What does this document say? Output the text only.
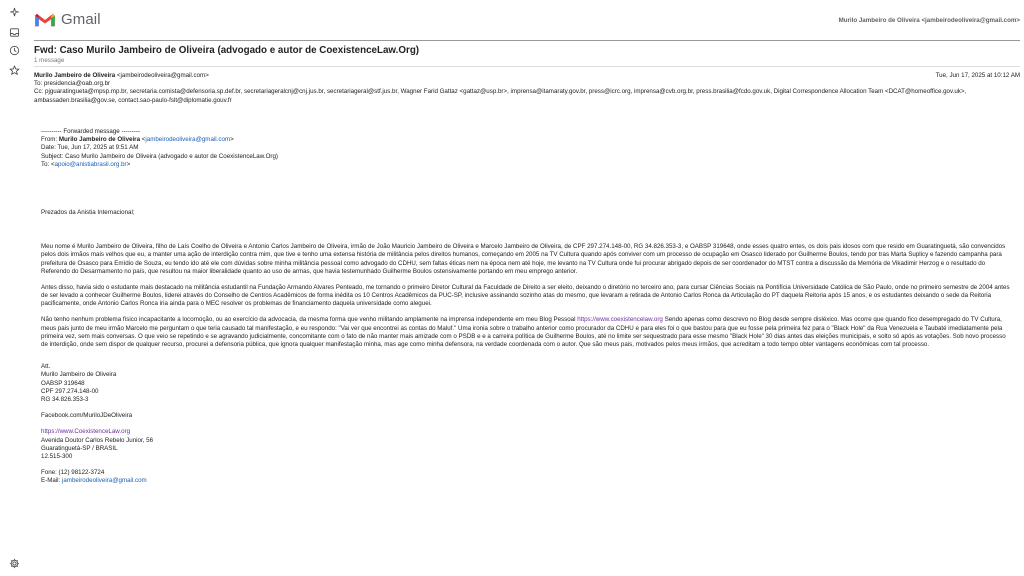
Gmail	Murilo Jambeiro de Oliveira <jambeirodeoliveira@gmail.com>
Fwd: Caso Murilo Jambeiro de Oliveira (advogado e autor de CoexistenceLaw.Org)
1 message
Murilo Jambeiro de Oliveira <jambeirodeoliveira@gmail.com>	Tue, Jun 17, 2025 at 10:12 AM
To: presidencia@oab.org.br
Cc: pjguaratingueta@mpsp.mp.br, secretaria.comista@defensoria.sp.def.br, secretariageralcnj@cnj.jus.br, secretariageral@stf.jus.br, Wagner Farid Gattaz <gattaz@usp.br>, imprensa@itamaraty.gov.br, press@icrc.org, imprensa@cvb.org.br, press.brasilia@fcdo.gov.uk, Digital Correspondence Allocation Team <DCAT@homeoffice.gov.uk>, ambassaden.brasilia@gov.se, contact.sao-paulo-fslt@diplomatie.gouv.fr
---------- Forwarded message ---------
From: Murilo Jambeiro de Oliveira <jambeirodeoliveira@gmail.com>
Date: Tue, Jun 17, 2025 at 9:51 AM
Subject: Caso Murilo Jambeiro de Oliveira (advogado e autor de CoexistenceLaw.Org)
To: <apoio@anistiabrasil.org.br>

Prezados da Anistia Internacional;

Meu nome é Murilo Jambeiro de Oliveira, filho de Laís Coelho de Oliveira e Antonio Carlos Jambeiro de Oliveira, irmão de João Mauricio Jambeiro de Oliveira e Marcelo Jambeiro de Oliveira, de CPF 297.274.148-00, RG 34.826.353-3, e OABSP 319648, onde esses quatro entes, os dois pais idosos com que resido em Guaratinguetá, são convencidos pelos dois irmãos mais velhos que eu, a manter uma ação de interdição contra mim, que tive e tenho uma extensa história de militância pelos direitos humanos, começando em 2005 na TV Cultura quando após conviver com um processo de ocupação em Osasco liderado por Guilherme Boulos, tendo por tras Marta Suplicy e fazendo campanha para prefeitura de Osasco para Emídio de Souza, eu tendo ido até ele com dúvidas sobre minha militância pessoal como advogado do CDHU, sem faltas éticas nem na época nem até hoje, me levanto na TV Cultura onde fui procurar abrigado depois de ser coordenador do MTST contra a discussão da Memória de Vikadimir Herzog e o resultado do Referendo do Desarmamento no país, que resultou na maior liberalidade quanto ao uso de armas, que havia testemunhado Guilherme Boulos ostensivamente portando em meu emprego anterior.

Antes disso, havia sido o estudante mais destacado na militância estudantil na Fundação Armando Alvares Penteado, me tornando o primeiro Diretor Cultural da Faculdade de Direito a ser eleito, deixando o diretório no terceiro ano, para cursar Ciências Sociais na Pontifícia Universidade Católica de São Paulo, onde no primeiro semestre de 2004 antes de ser levado a conhecer Guilherme Boulos, liderei através do Conselho de Centros Acadêmicos de forma inédita os 10 Centros Acadêmicos da PUC-SP, inclusive assinando sozinho atas do mesmo, que levaram a retirada de Antonio Carlos Ronca da Articulação do PT daquela Reitoria após 15 anos, e os estudantes deixando o sede da Reitoria pacificamente, onde Antonio Carlos Ronca iria ainda para o MEC resolver os problemas de financiamento daquela universidade como aleguei.

Não tenho nenhum problema físico incapacitante a locomoção, ou ao exercício da advocacia, da mesma forma que venho militando amplamente na imprensa independente em meu Blog Pessoal https://www.coexistencelaw.org Sendo apenas como descrevo no Blog desde sempre disléxico. Mas ocorre que quando fico desempregado do TV Cultura, meus pais junto de meu irmão Marcelo me perguntam o que teria causado tal manifestação, e eu respondo: "Vai ver que encontrei as contas do Maluf." Uma ironia sobre o trabalho anterior como procurador da CDHU e para eles foi o que bastou para que eu fosse pela primeira fez para o "Black Hole" da Rua Venezuela e Taubaté imediatamente pela primeira vez, sem mais conversas. O que veio se repetindo e se agravando judicialmente, concomitante com o fato de não manter mais amizade com o PSDB e e a carreira política de Guilherme Boulos, até no limite ser sequestrado para esse mesmo "Black Hole" 30 dias antes das eleições municipais, e solto só após as votações. Sob novo processo de interdição, onde sem dispor de qualquer recurso, procurei a defensoria pública, que ignora qualquer manifestação minha, mas age como minha defensora, na verdade coordenada com o autor. Que são meus pais, motivados pelos meus irmãos, que acreditam a todo tempo obter vantagens econômicas com tal processo.

Att.
Murilo Jambeiro de Oliveira
OABSP 319648
CPF 297.274.148-00
RG 34.826.353-3
Facebook.com/MuriloJDeOliveira
https://www.CoexistenceLaw.org
Avenida Doutor Carlos Rebelo Junior, 56
Guaratinguetá-SP / BRASIL
12.515-300
Fone: (12) 98122-3724
E-Mail: jambeirodeoliveira@gmail.com
